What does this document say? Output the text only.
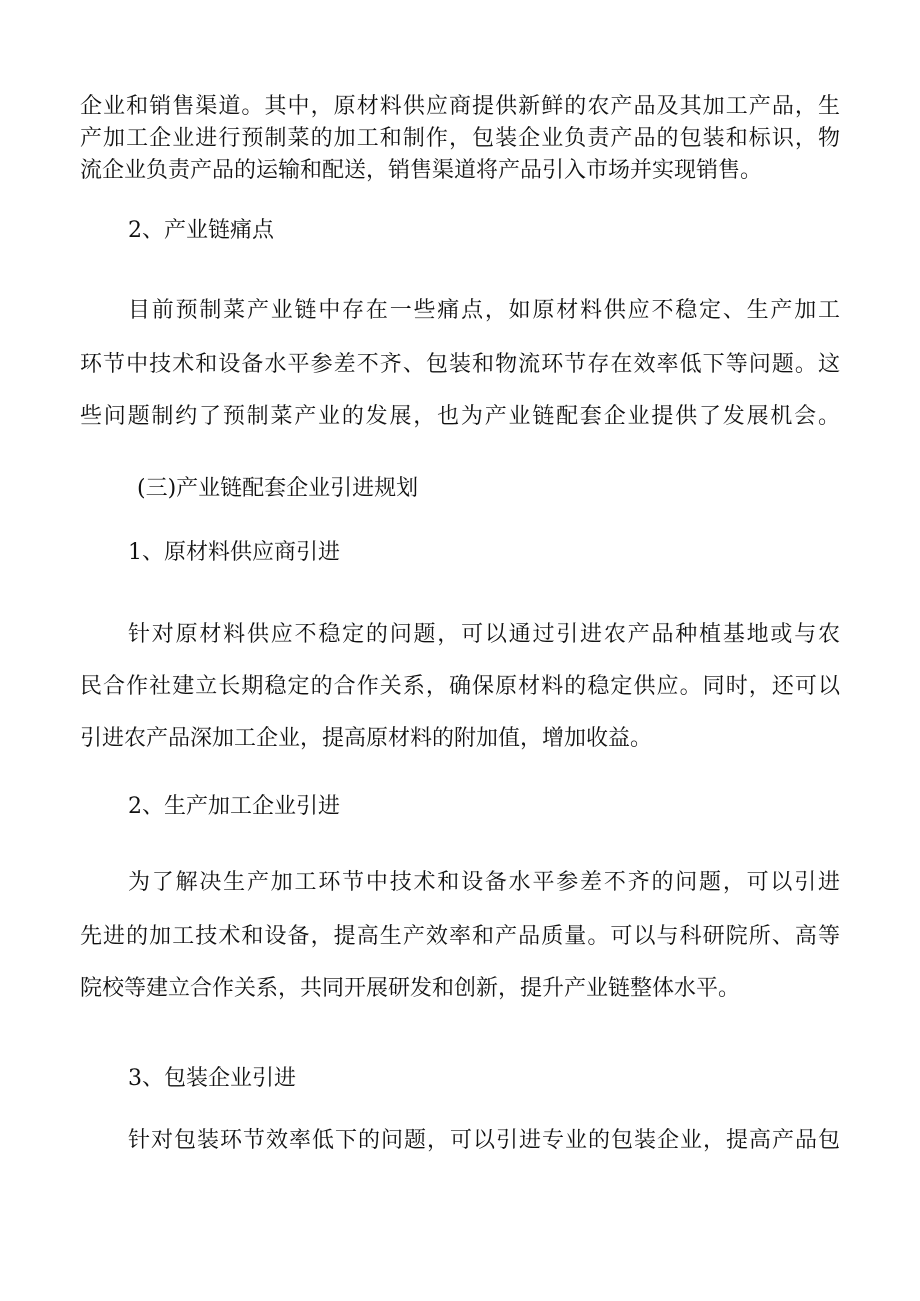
企业和销售渠道。其中，原材料供应商提供新鲜的农产品及其加工产品，生
产加工企业进行预制菜的加工和制作，包装企业负责产品的包装和标识，物
流企业负责产品的运输和配送，销售渠道将产品引入市场并实现销售。
2、产业链痛点
目前预制菜产业链中存在一些痛点，如原材料供应不稳定、生产加工
环节中技术和设备水平参差不齐、包装和物流环节存在效率低下等问题。这
些问题制约了预制菜产业的发展，也为产业链配套企业提供了发展机会。
(三)产业链配套企业引进规划
1、原材料供应商引进
针对原材料供应不稳定的问题，可以通过引进农产品种植基地或与农
民合作社建立长期稳定的合作关系，确保原材料的稳定供应。同时，还可以
引进农产品深加工企业，提高原材料的附加值，增加收益。
2、生产加工企业引进
为了解决生产加工环节中技术和设备水平参差不齐的问题，可以引进
先进的加工技术和设备，提高生产效率和产品质量。可以与科研院所、高等
院校等建立合作关系，共同开展研发和创新，提升产业链整体水平。
3、包装企业引进
针对包装环节效率低下的问题，可以引进专业的包装企业，提高产品包
